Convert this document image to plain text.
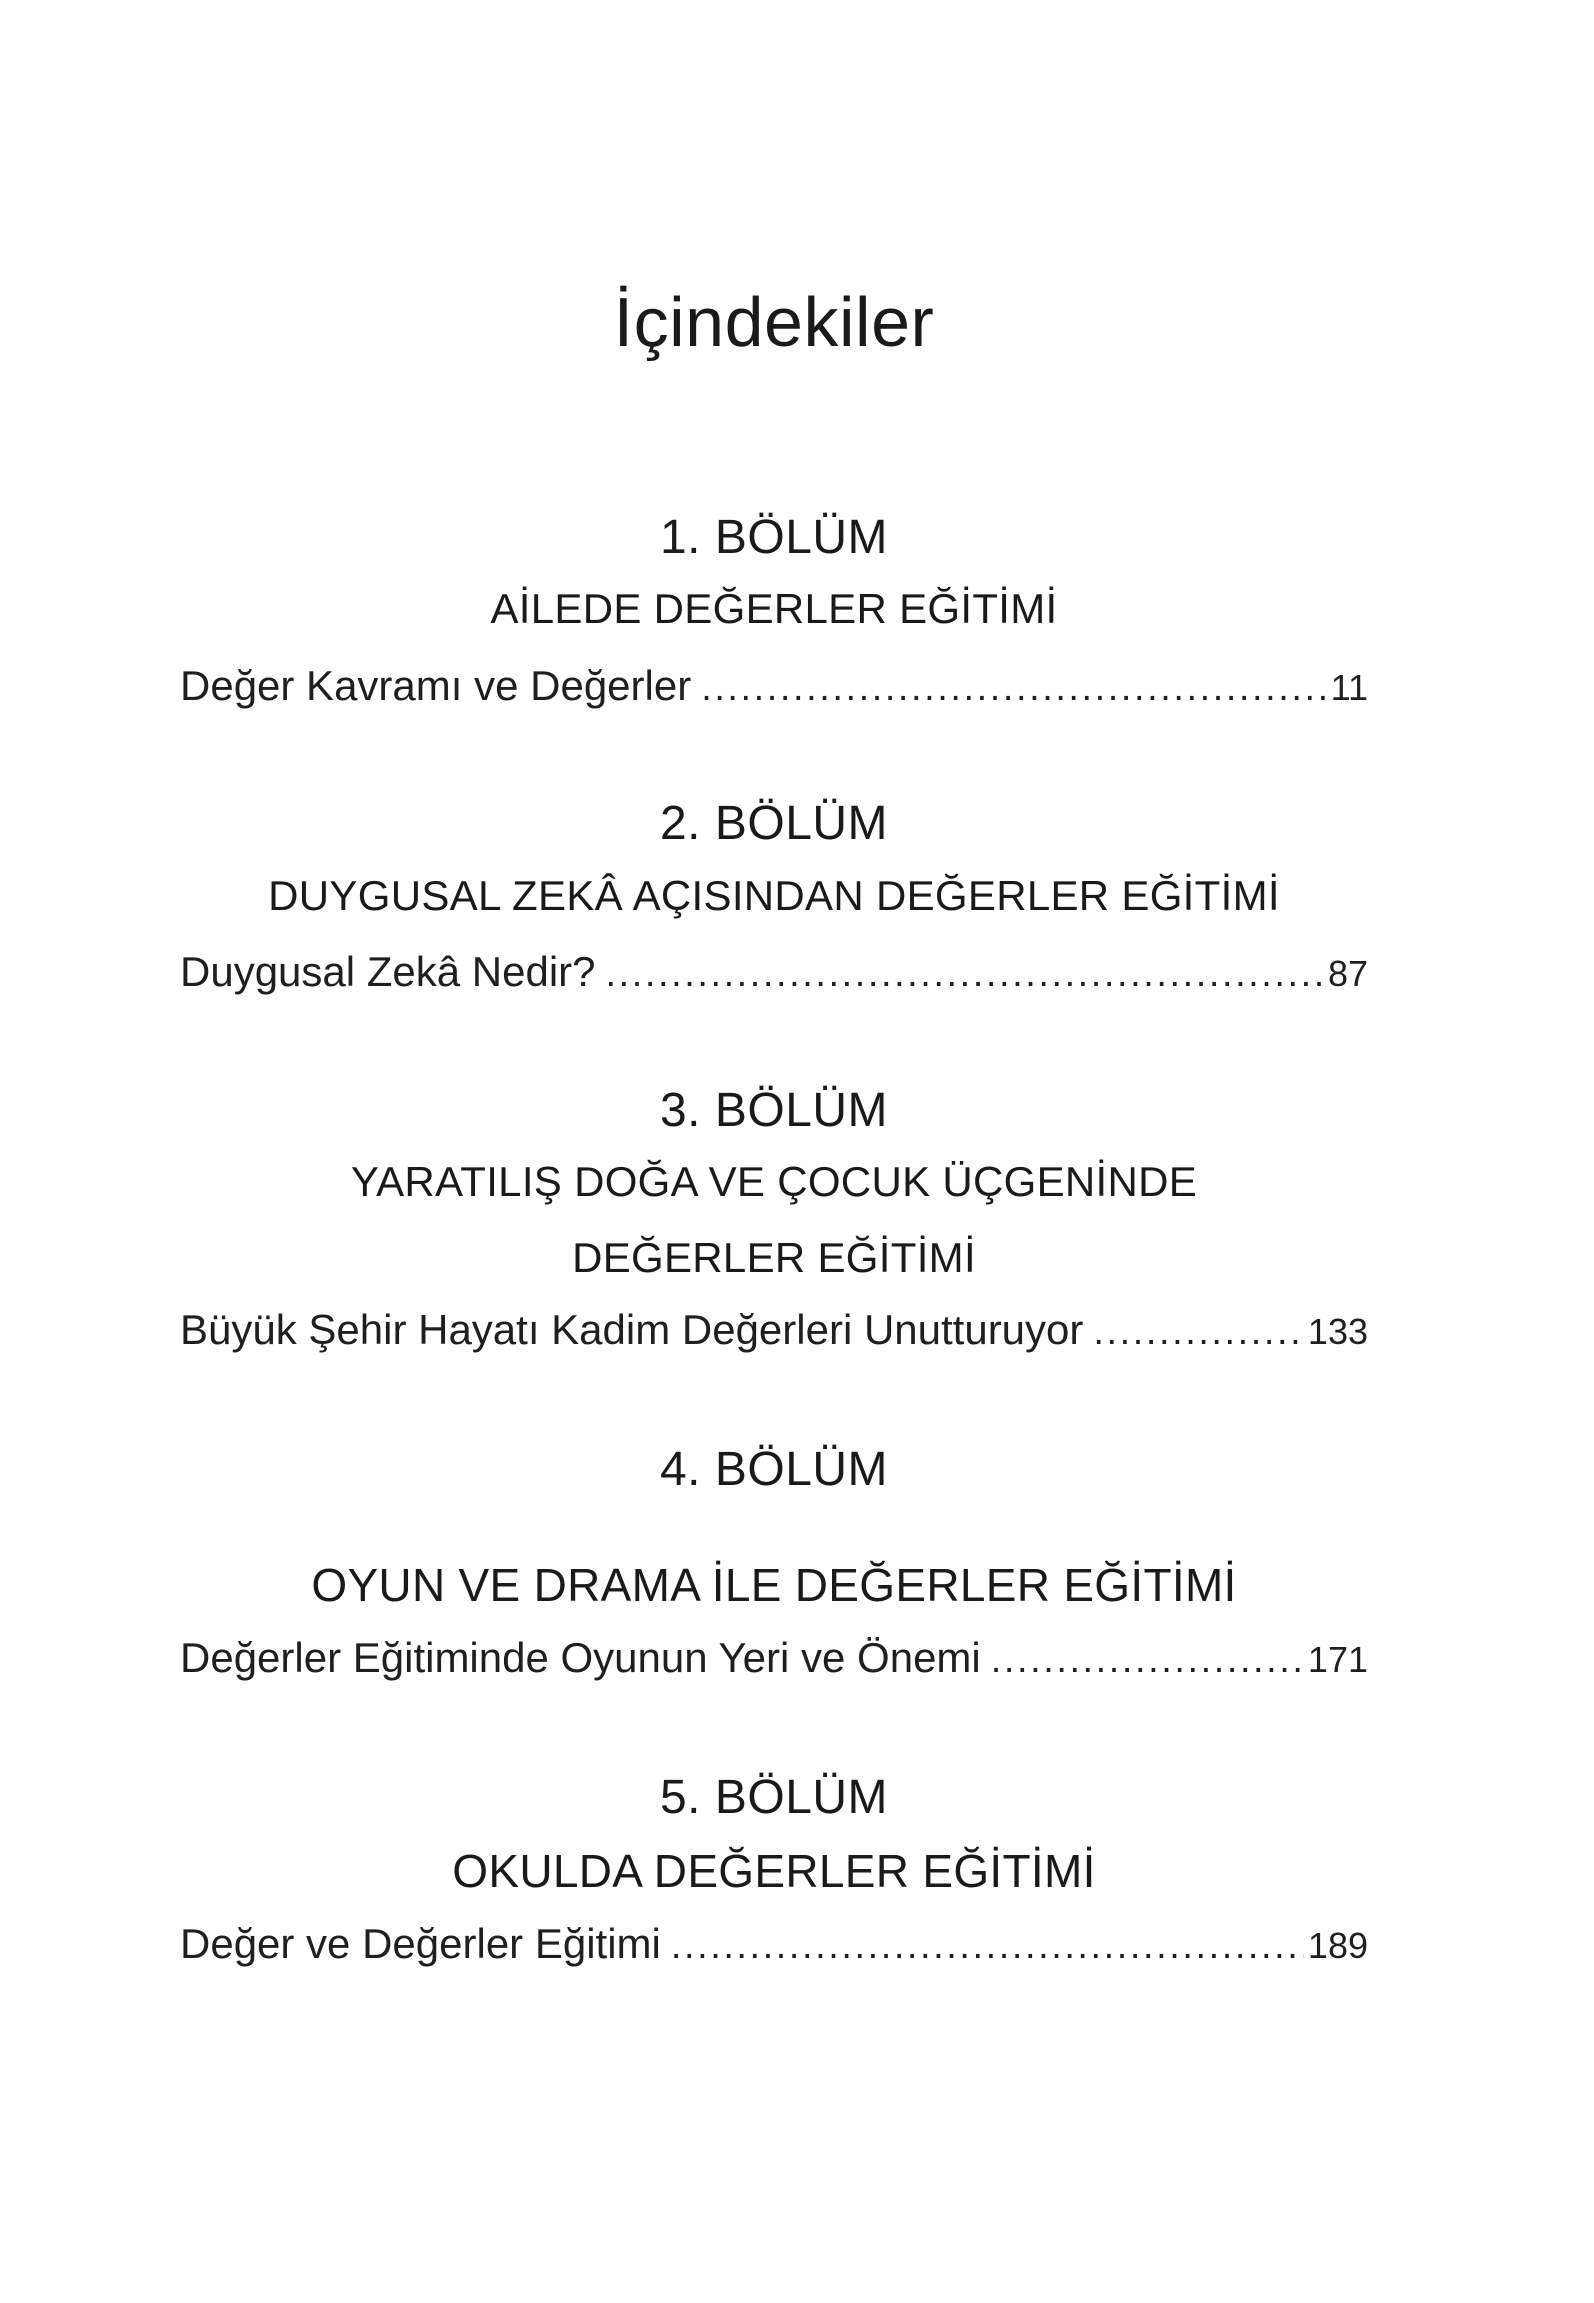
İçindekiler
1. BÖLÜM
AİLEDE DEĞERLER EĞİTİMİ
Değer Kavramı ve Değerler . . .	11
2. BÖLÜM
DUYGUSAL ZEKÂ AÇISINDAN DEĞERLER EĞİTİMİ
Duygusal Zekâ Nedir? . . .	87
3. BÖLÜM
YARATILIŞ DOĞA VE ÇOCUK ÜÇGENİNDE
DEĞERLER EĞİTİMİ
Büyük Şehir Hayatı Kadim Değerleri Unutturuyor . . .	133
4. BÖLÜM
OYUN VE DRAMA İLE DEĞERLER EĞİTİMİ
Değerler Eğitiminde Oyunun Yeri ve Önemi . . .	171
5. BÖLÜM
OKULDA DEĞERLER EĞİTİMİ
Değer ve Değerler Eğitimi . . .	189
